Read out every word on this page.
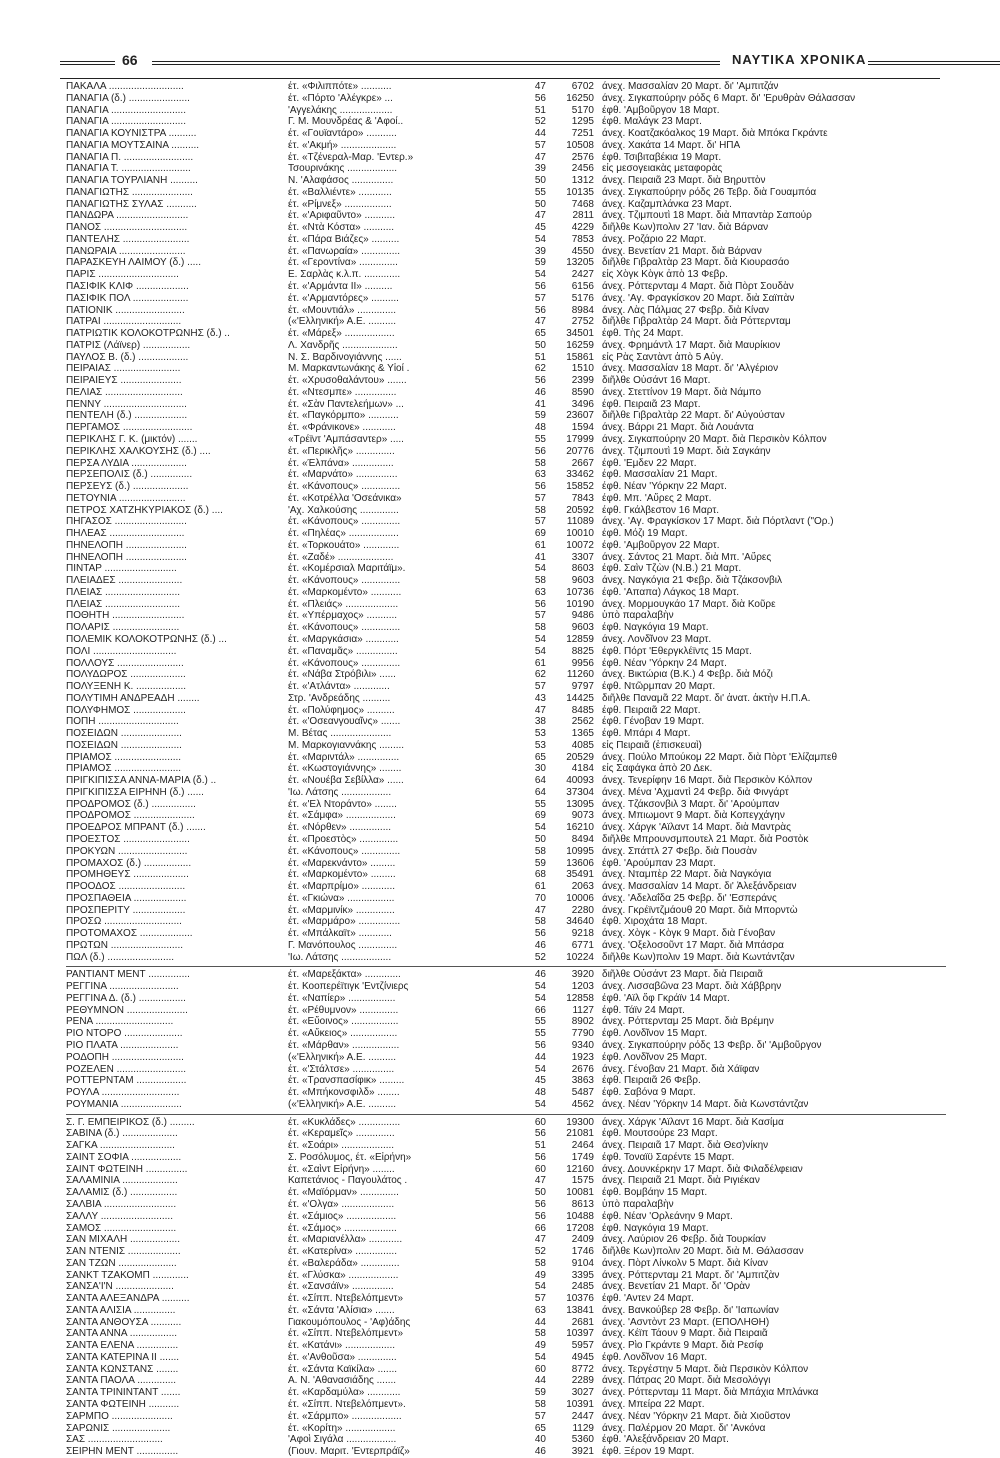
66	ΝΑΥΤΙΚΑ ΧΡΟΝΙΚΑ
ΠΑΚΑΛΑ ...........................	έτ. «Φιλιππότε» ...........	47	6702 άνεχ. Μασσαλίαν 20 Μαρτ. δι' 'Αμπιτζάν
ΠΑΝΑΓΙΑ (δ.) ......................	έτ. «Πόρτο 'Αλέγκρε» ...	56	16250 άνεχ. Σιγκαπούρην ρόδς 6 Μαρτ. δι' 'Ερυθρὰν Θάλασσαν
ΠΑΝΑΓΙΑ ...........................	'Αγγελάκης ...................	51	5170 έφθ. 'Αμβοῦργον 18 Μαρτ.
ΠΑΝΑΓΙΑ ...........................	Γ. Μ. Μουνδρέας & 'Αφοί..	52	1295 έφθ. Μαλάγκ 23 Μαρτ.
ΠΑΝΑΓΙΑ ΚΟΥΝΙΣΤΡΑ ..........	έτ. «Γουϊαντάρο» ...........	44	7251 άνεχ. Κοατζακόαλκος 19 Μαρτ. διὰ Μπόκα Γκράντε
ΠΑΝΑΓΙΑ ΜΟΥΤΣΑΙΝΑ ..........	έτ. «'Ακμή» ....................	57	10508 άνεχ. Χακάτα 14 Μαρτ. δι' ΗΠΑ
ΠΑΝΑΓΙΑ Π. .........................	έτ. «Τζένεραλ-Μαρ. 'Εντερ.»	47	2576 έφθ. Τσιβιταβέκια 19 Μαρτ.
ΠΑΝΑΓΙΑ Τ. .........................	Τσουρινάκης ..................	39	2456 εἰς μεσογειακὰς μεταφορὰς
ΠΑΝΑΓΙΑ ΤΟΥΡΛΙΑΝΗ ..........	Ν. 'Αλαφάσος ...............	50	1312 άνεχ. Πειραιᾶ 23 Μαρτ. διὰ Βηρυττὸν
ΠΑΝΑΓΙΩΤΗΣ ......................	έτ. «Βαλλιέντε» ............	55	10135 άνεχ. Σιγκαπούρην ρόδς 26 Τεβρ. διὰ Γουαμπόα
ΠΑΝΑΓΙΩΤΗΣ ΣΥΛΑΣ ...........	έτ. «Ρίμνεξ» .................	50	7468 άνεχ. Καζαμπλάνκα 23 Μαρτ.
ΠΑΝΔΩΡΑ ..........................	έτ. «'Αριφαῦντο» ...........	47	2811 άνεχ. Τζιμπουτὶ 18 Μαρτ. διὰ Μπαντὰρ Σαπούρ
ΠΑΝΟΣ ..............................	έτ. «Ντὰ Κόστα» ...........	45	4229 διῆλθε Κων)πολιν 27 'Ιαν. διὰ Βάρναν
ΠΑΝΤΕΛΗΣ ........................	έτ. «Πάρα Βιάζες» ..........	54	7853 άνεχ. Ροζάριο 22 Μαρτ.
ΠΑΝΩΡΑΙΑ ........................	έτ. «Πανωραία» ..............	39	4550 άνεχ. Βενετίαν 21 Μαρτ. διὰ Βάρναν
ΠΑΡΑΣΚΕΥΗ ΛΑΙΜΟΥ (δ.) .....	έτ. «Γεροντίνα» ..............	59	13205 διῆλθε Γιβραλτὰρ 23 Μαρτ. διὰ Κιουρασάο
ΠΑΡΙΣ .............................	Ε. Σαρλὰς κ.λ.π. .............	54	2427 εἰς Χὸγκ Κὸγκ ἀπὸ 13 Φεβρ.
ΠΑΣΙΦΙΚ ΚΛΙΦ ...................	έτ. «'Αρμάντα ΙΙ» ..........	56	6156 άνεχ. Ρόττερνταμ 4 Μαρτ. διὰ Πὸρτ Σουδὰν
ΠΑΣΙΦΙΚ ΠΟΛ ....................	έτ. «'Αρμαντόρες» ..........	57	5176 άνεχ. 'Αγ. Φραγκίσκον 20 Μαρτ. διὰ Σαϊπὰν
ΠΑΤΙΟΝΙΚ .........................	έτ. «Μουντιάλ» ..............	56	8984 άνεχ. Λὰς Πάλμας 27 Φεβρ. διὰ Κίναν
ΠΑΤΡΑΙ ............................	(«'Ελληνική» Α.Ε. ..........	47	2752 διῆλθε Γιβραλτὰρ 24 Μαρτ. διὰ Ρόττερνταμ
ΠΑΤΡΙΩΤΙΚ ΚΟΛΟΚΟΤΡΩΝΗΣ (δ.) ..	έτ. «Μάρεξ» ..................	65	34501 έφθ. Τὴς 24 Μαρτ.
ΠΑΤΡΙΣ (Λάϊνερ) .................	Λ. Χανδρῆς ....................	50	16259 άνεχ. Φρημάντλ 17 Μαρτ. διὰ Μαυρίκιον
ΠΑΥΛΟΣ Β. (δ.) ..................	Ν. Σ. Βαρδινογιάννης ......	51	15861 εἰς Ρὰς Σαντὰντ ἀπὸ 5 Αὐγ.
ΠΕΙΡΑΙΑΣ ........................	Μ. Μαρκαντωνάκης & Υἱοί .	62	1510 άνεχ. Μασσαλίαν 18 Μαρτ. δι' 'Αλγέριον
ΠΕΙΡΑΙΕΥΣ ......................	έτ. «Χρυσοθαλάντου» .......	56	2399 διῆλθε Οὐσάντ 16 Μαρτ.
ΠΕΛΙΑΣ ............................	έτ. «Ντεσμπε» ...............	46	8590 άνεχ. Στεττίνον 19 Μαρτ. διὰ Νάμπο
ΠΕΝΝΥ ..............................	έτ. «Σὰν Παντελεήμων» ...	41	3496 έφθ. Πειραιᾶ 23 Μαρτ.
ΠΕΝΤΕΛΗ (δ.) ...................	έτ. «Παγκόρμπο» ...........	59	23607 διῆλθε Γιβραλτὰρ 22 Μαρτ. δι' Αὐγούσταν
ΠΕΡΓΑΜΟΣ .........................	έτ. «Φράνικονε» ............	48	1594 άνεχ. Βάρρι 21 Μαρτ. διὰ Λουάντα
ΠΕΡΙΚΛΗΣ Γ. Κ. (μικτόν) .......	«Τρέϊντ 'Αμπάσαντερ» .....	55	17999 άνεχ. Σιγκαπούρην 20 Μαρτ. διὰ Περσικὸν Κόλπον
ΠΕΡΙΚΛΗΣ ΧΑΛΚΟΥΣΗΣ (δ.) ....	έτ. «Περικλῆς» ..............	56	20776 άνεχ. Τζιμπουτὶ 19 Μαρτ. διὰ Σαγκάην
ΠΕΡΣΑ ΛΥΔΙΑ ....................	έτ. «Έλπάνα» ...............	58	2667 έφθ. 'Εμδεν 22 Μαρτ.
ΠΕΡΣΕΠΟΛΙΣ (δ.) ...............	έτ. «Μαρνάτο» ...............	63	33462 έφθ. Μασσαλίαν 21 Μαρτ.
ΠΕΡΣΕΥΣ (δ.) ....................	έτ. «Κάνοπους» ..............	56	15852 έφθ. Νέαν 'Υόρκην 22 Μαρτ.
ΠΕΤΟΥΝΙΑ ........................	έτ. «Κοτρέλλα 'Οσεάνικα»	57	7843 έφθ. Μπ. 'Αὔρες 2 Μαρτ.
ΠΕΤΡΟΣ ΧΑΤΖΗΚΥΡΙΑΚΟΣ (δ.) ....	'Αχ. Χαλκούσης ..............	58	20592 έφθ. Γκάλβεστον 16 Μαρτ.
ΠΗΓΑΣΟΣ ..........................	έτ. «Κάνοπους» ..............	57	11089 άνεχ. 'Αγ. Φραγκίσκον 17 Μαρτ. διὰ Πόρτλαντ ("Ορ.)
ΠΗΛΕΑΣ ...........................	έτ. «Πηλέας» ..................	69	10010 έφθ. Μόζι 19 Μαρτ.
ΠΗΝΕΛΟΠΗ ......................	έτ. «Τορκουάτο» .............	61	10072 έφθ. 'Αμβοῦργον 22 Μαρτ.
ΠΗΝΕΛΟΠΗ ......................	έτ. «Ζαδέ» ....................	41	3307 άνεχ. Σάντος 21 Μαρτ. διὰ Μπ. 'Αὔρες
ΠΙΝΤΑΡ ..........................	έτ. «Κομέρσιαλ Μαριτάϊμ».	54	8603 έφθ. Σαὶν Τζὼν (Ν.Β.) 21 Μαρτ.
ΠΛΕΙΑΔΕΣ .......................	έτ. «Κάνοπους» ..............	58	9603 άνεχ. Ναγκόγια 21 Φεβρ. διὰ Τζάκσονβιλ
ΠΛΕΙΑΣ ...........................	έτ. «Μαρκομέντο» ...........	63	10736 έφθ. 'Απαπα) Λάγκος 18 Μαρτ.
ΠΛΕΙΑΣ ...........................	έτ. «Πλειάς» ...................	56	10190 άνεχ. Μορμουγκάο 17 Μαρτ. διὰ Κοῦρε
ΠΟΘΗΤΗ ..........................	έτ. «Υπέρμαχος» ...........	57	9486 ὑπὸ παραλαβὴν
ΠΟΛΑΡΙΣ ........................	έτ. «Κάνοπους» ..............	58	9603 έφθ. Ναγκόγια 19 Μαρτ.
ΠΟΛΕΜΙΚ ΚΟΛΟΚΟΤΡΩΝΗΣ (δ.) ...	έτ. «Μαργκάσια» ............	54	12859 άνεχ. Λονδῖνον 23 Μαρτ.
ΠΟΛΙ ..............................	έτ. «Παναμᾶς» ...............	54	8825 έφθ. Πόρτ 'Εθεργκλέϊντς 15 Μαρτ.
ΠΟΛΛΟΥΣ ........................	έτ. «Κάνοπους» ..............	61	9956 έφθ. Νέαν 'Υόρκην 24 Μαρτ.
ΠΟΛΥΔΩΡΟΣ ....................	έτ. «Νάβα Στρόβιλι» ......	62	11260 άνεχ. Βικτώρια (Β.Κ.) 4 Φεβρ. διὰ Μόζι
ΠΟΛΥΞΕΝΗ Κ. ..................	έτ. «'Ατλάντα» .............	57	9797 έφθ. Ντῶρμπαν 20 Μαρτ.
ΠΟΛΥΤΙΜΗ ΑΝΔΡΕΑΔΗ ........	Στρ. 'Ανδρεάδης ..........	43	14425 διῆλθε Παναμᾶ 22 Μαρτ. δι' ἀνατ. ἀκτὴν Η.Π.Α.
ΠΟΛΥΦΗΜΟΣ ...................	έτ. «Πολύφημος» ..........	47	8485 έφθ. Πειραιᾶ 22 Μαρτ.
ΠΟΠΗ .............................	έτ. «'Οσεανγουαῖνς» .......	38	2562 έφθ. Γένοβαν 19 Μαρτ.
ΠΟΣΕΙΔΩΝ ......................	Μ. Βέτας ......................	53	1365 έφθ. Μπάρι 4 Μαρτ.
ΠΟΣΕΙΔΩΝ ......................	Μ. Μαρκογιαννάκης .........	53	4085 εἰς Πειραιᾶ (ἐπισκευαὶ)
ΠΡΙΑΜΟΣ ........................	έτ. «Μαριντάλ» ...............	65	20529 άνεχ. Πούλο Μπούκομ 22 Μαρτ. διὰ Πὸρτ 'Ελίζαμπεθ
ΠΡΙΑΜΟΣ ........................	έτ. «Κωστογιάννης» ........	30	4184 εἰς Σαφάγκα ἀπὸ 20 Δεκ.
ΠΡΙΓΚΙΠΙΣΣΑ ΑΝΝΑ-ΜΑΡΙΑ (δ.) ..	έτ. «Νουέβα Σεβίλλα» ......	64	40093 άνεχ. Τενερίφην 16 Μαρτ. διὰ Περσικὸν Κόλπον
ΠΡΙΓΚΙΠΙΣΣΑ ΕΙΡΗΝΗ (δ.) ......	'Ιω. Λάτσης ..................	64	37304 άνεχ. Μένα 'Αχμαντὶ 24 Φεβρ. διὰ Φινγάρτ
ΠΡΟΔΡΟΜΟΣ (δ.) ................	έτ. «'Ελ Ντοράντο» ........	55	13095 άνεχ. Τζάκσονβιλ 3 Μαρτ. δι' 'Αρούμπαν
ΠΡΟΔΡΟΜΟΣ ......................	έτ. «Σάμφα» ..................	69	9073 άνεχ. Μπιωμοντ 9 Μαρτ. διὰ Κοπεγχάγην
ΠΡΟΕΔΡΟΣ ΜΠΡΑΝΤ (δ.) .......	έτ. «Νόρθεν» ...............	54	16210 άνεχ. Χάργκ 'Αϊλαντ 14 Μαρτ. διὰ Μαντρὰς
ΠΡΟΕΣΤΟΣ ........................	έτ. «Προεστὸς» ..............	50	8494 διῆλθε Μπρουνσμπουτελ 21 Μαρτ. διὰ Ροστὸκ
ΠΡΟΚΥΩΝ .........................	έτ. «Κάνοπους» ..............	58	10995 άνεχ. Σπάττλ 27 Φεβρ. διὰ Πουσὰν
ΠΡΟΜΑΧΟΣ (δ.) .................	έτ. «Μαρεκνάντο» .........	59	13606 έφθ. 'Αρούμπαν 23 Μαρτ.
ΠΡΟΜΗΘΕΥΣ ....................	έτ. «Μαρκομέντο» .........	68	35491 άνεχ. Νταμπὲρ 22 Μαρτ. διὰ Ναγκόγια
ΠΡΟΟΔΟΣ ........................	έτ. «Μαρπρίμο» ............	61	2063 άνεχ. Μασσαλίαν 14 Μαρτ. δι' Ἀλεξάνδρειαν
ΠΡΟΣΠΑΘΕΙΑ ...................	έτ. «Γκιώνα» .................	70	10006 άνεχ. 'Αδελαΐδα 25 Φεβρ. δι' 'Εσπεράνς
ΠΡΟΣΠΕΡΙΤΥ ...................	έτ. «Μαρμινίκ» ..............	47	2280 άνεχ. Γκρέϊντζμάουθ 20 Μαρτ. διὰ Μπορντὼ
ΠΡΟΣΩ ............................	έτ. «Μαρμάρο» ...............	58	34640 έφθ. Χιροχάτα 18 Μαρτ.
ΠΡΟΤΟΜΑΧΟΣ ...................	έτ. «Μπάλκαϊτ» ............	56	9218 άνεχ. Χὸγκ - Κὸγκ 9 Μαρτ. διὰ Γένοβαν
ΠΡΩΤΩΝ ..........................	Γ. Μανόπουλος ..............	46	6771 άνεχ. 'Οξελοσοῦντ 17 Μαρτ. διὰ Μπάσρα
ΠΩΛ (δ.) ........................	'Ιω. Λάτσης ..................	52	10224 διῆλθε Κων)πολιν 19 Μαρτ. διὰ Κωντάντζαν
ΡΑΝΤΙΑΝΤ ΜΕΝΤ ...............	έτ. «Μαρεξάκτα» .............	46	3920 διῆλθε Οὐσάντ 23 Μαρτ. διὰ Πειραιᾶ
ΡΕΓΓΙΝΑ .........................	έτ. Κοοπερέϊτιγκ 'Εντζίνιερς	54	1203 άνεχ. Λισσαβῶνα 23 Μαρτ. διὰ Χάββρην
ΡΕΓΓΙΝΑ Δ. (δ.) .................	έτ. «Ναπίερ» .................	54	12858 έφθ. 'Αϊλ ὄφ Γκράϊν 14 Μαρτ.
ΡΕΘΥΜΝΟΝ ......................	έτ. «Ρέθυμνον» ..............	66	1127 έφθ. Τάϊν 24 Μαρτ.
ΡΕΝΑ ............................	έτ. «Εὔοινος» .................	55	8902 άνεχ. Ρόττερνταμ 25 Μαρτ. διὰ Βρέμην
ΡΙΟ ΝΤΟΡΟ .....................	έτ. «Αὔκειος» .................	55	7790 έφθ. Λονδῖνον 15 Μαρτ.
ΡΙΟ ΠΛΑΤΑ .....................	έτ. «Μάρθαν» .................	56	9340 άνεχ. Σιγκαπούρην ρόδς 13 Φεβρ. δι' 'Αμβοῦργον
ΡΟΔΟΠΗ ..........................	(«'Ελληνική» Α.Ε. ..........	44	1923 έφθ. Λονδῖνον 25 Μαρτ.
ΡΟΖΕΛΕΝ .........................	έτ. «'Στάλτσε» ...............	54	2676 άνεχ. Γένοβαν 21 Μαρτ. διὰ Χάϊφαν
ΡΟΤΤΕΡΝΤΑΜ ..................	έτ. «Τρανσπασίφικ» .........	45	3863 έφθ. Πειραιᾶ 26 Φεβρ.
ΡΟΥΛΑ ............................	έτ. «Μπήκονσφιλδ» ........	48	5487 έφθ. Σαβόνα 9 Μαρτ.
ΡΟΥΜΑΝΙΑ ......................	(«'Ελληνική» Α.Ε. ..........	54	4562 άνεχ. Νέαν 'Υόρκην 14 Μαρτ. διὰ Κωνστάντζαν
Σ. Γ. ΕΜΠΕΙΡΙΚΟΣ (δ.) .........	έτ. «Κυκλάδες» ...............	60	19300 άνεχ. Χάργκ 'Αϊλαντ 16 Μαρτ. διὰ Κασίμα
ΣΑΒΙΝΑ (δ.) ....................	έτ. «Κεραμεῖς» ..............	56	21081 έφθ. Μουτσούρε 23 Μαρτ.
ΣΑΓΚΑ ...........................	έτ. «Σοάρι» ...................	51	2464 άνεχ. Πειραιᾶ 17 Μαρτ. διὰ Θεσ)νίκην
ΣΑΙΝΤ ΣΟΦΙΑ ..................	Σ. Ροσόλυμος, έτ. «Εἰρήνη»	56	1749 έφθ. Τοναϊϋ Σαρέντε 15 Μαρτ.
ΣΑΙΝΤ ΦΩΤΕΙΝΗ ...............	έτ. «Σαὶντ Εἰρήνη» ........	60	12160 άνεχ. Δουνκέρκην 17 Μαρτ. διὰ Φιλαδέλφειαν
ΣΑΛΑΜΙΝΙΑ ....................	Καπετάνιος - Παγουλάτος .	47	1575 άνεχ. Πειραιᾶ 21 Μαρτ. διὰ Ριγιέκαν
ΣΑΛΑΜΙΣ (δ.) .................	έτ. «Μαϊόρμαν» ..............	50	10081 έφθ. Βομβάην 15 Μαρτ.
ΣΑΛΒΙΑ ..........................	έτ. «'Ολγα» ...................	56	8613 ὑπὸ παραλαβὴν
ΣΑΛΛΥ ..........................	έτ. «Σάμιος» ..................	56	10488 έφθ. Νέαν 'Ορλεάνην 9 Μαρτ.
ΣΑΜΟΣ ..........................	έτ. «Σάμος» ...................	66	17208 έφθ. Ναγκόγια 19 Μαρτ.
ΣΑΝ ΜΙΧΑΛΗ ..................	έτ. «Μαριανέλλα» ............	47	2409 άνεχ. Λαύριον 26 Φεβρ. διὰ Τουρκίαν
ΣΑΝ ΝΤΕΝΙΣ ...................	έτ. «Κατερίνα» ...............	52	1746 διῆλθε Κων)πολιν 20 Μαρτ. διὰ Μ. Θάλασσαν
ΣΑΝ ΤΖΩΝ .....................	έτ. «Βαλεράδα» ..............	58	9104 άνεχ. Πὸρτ Λίνκολν 5 Μαρτ. διὰ Κίναν
ΣΑΝΚΤ ΤΖΑΚΟΜΠ .............	έτ. «Γλύσκα» ..................	49	3395 άνεχ. Ρόττερνταμ 21 Μαρτ. δι' 'Αμπιτζὰν
ΣΑΝΣΑ'Ι'Ν .....................	έτ. «Σανσάϊν» ...............	54	2485 άνεχ. Βενετίαν 21 Μαρτ. δι' 'Ορὰν
ΣΑΝΤΑ ΑΛΕΞΑΝΔΡΑ ..........	έτ. «Σίππ. Ντεβελόπμεντ»	57	10376 έφθ. 'Αντεν 24 Μαρτ.
ΣΑΝΤΑ ΑΛΙΣΙΑ ...............	έτ. «Σάντα 'Αλίσια» .......	63	13841 άνεχ. Βανκούβερ 28 Φεβρ. δι' 'Ιαπωνίαν
ΣΑΝΤΑ ΑΝΘΟΥΣΑ ...........	Γιακουμόπουλος - 'Αφ)άδης	44	2681 άνεχ. 'Ασντὸντ 23 Μαρτ. (ΕΠΟΛΗΘΗ)
ΣΑΝΤΑ ΑΝΝΑ .................	έτ. «Σίππ. Ντεβελόπμεντ»	58	10397 άνεχ. Κέϊπ Τάουν 9 Μαρτ. διὰ Πειραιᾶ
ΣΑΝΤΑ ΕΛΕΝΑ ...............	έτ. «Κατάνι» ..................	49	5957 άνεχ. Ρὶο Γκράντε 9 Μαρτ. διὰ Ρεσίφ
ΣΑΝΤΑ ΚΑΤΕΡΙΝΑ ΙΙ .......	έτ. «'Ανθοῦσα» ..............	54	4945 έφθ. Λονδῖνον 16 Μαρτ.
ΣΑΝΤΑ ΚΩΝΣΤΑΝΣ ........	έτ. «Σάντα Καϊκίλα» .......	60	8772 άνεχ. Τεργέστην 5 Μαρτ. διὰ Περσικὸν Κόλπον
ΣΑΝΤΑ ΠΑΟΛΑ ..............	Α. Ν. 'Αθανασιάδης .......	44	2289 άνεχ. Πάτρας 20 Μαρτ. διὰ Μεσολόγγι
ΣΑΝΤΑ ΤΡΙΝΙΝΤΑΝΤ .......	έτ. «Καρδαμύλα» ............	59	3027 άνεχ. Ρόττερνταμ 11 Μαρτ. διὰ Μπάχια Μπλάνκα
ΣΑΝΤΑ ΦΩΤΕΙΝΗ ...........	έτ. «Σίππ. Ντεβελόπμεντ».	58	10391 άνεχ. Μπείρα 22 Μαρτ.
ΣΑΡΜΠΟ ......................	έτ. «Σάρμπο» ..................	57	2447 άνεχ. Νέαν 'Υόρκην 21 Μαρτ. διὰ Χιοῦστον
ΣΑΡΩΝΙΣ .....................	έτ. «Κορίτη» ..................	65	1129 άνεχ. Παλέρμον 20 Μαρτ. δι' 'Ανκόνα
ΣΑΣ ...........................	'Αφοὶ Σιγάλα ..................	40	5360 έφθ. 'Αλεξάνδρειαν 20 Μαρτ.
ΣΕΙΡΗΝ ΜΕΝΤ ...............	(Γιουν. Μαριτ. 'Εντερπράϊζ»	46	3921 έφθ. Ξέρον 19 Μαρτ.
